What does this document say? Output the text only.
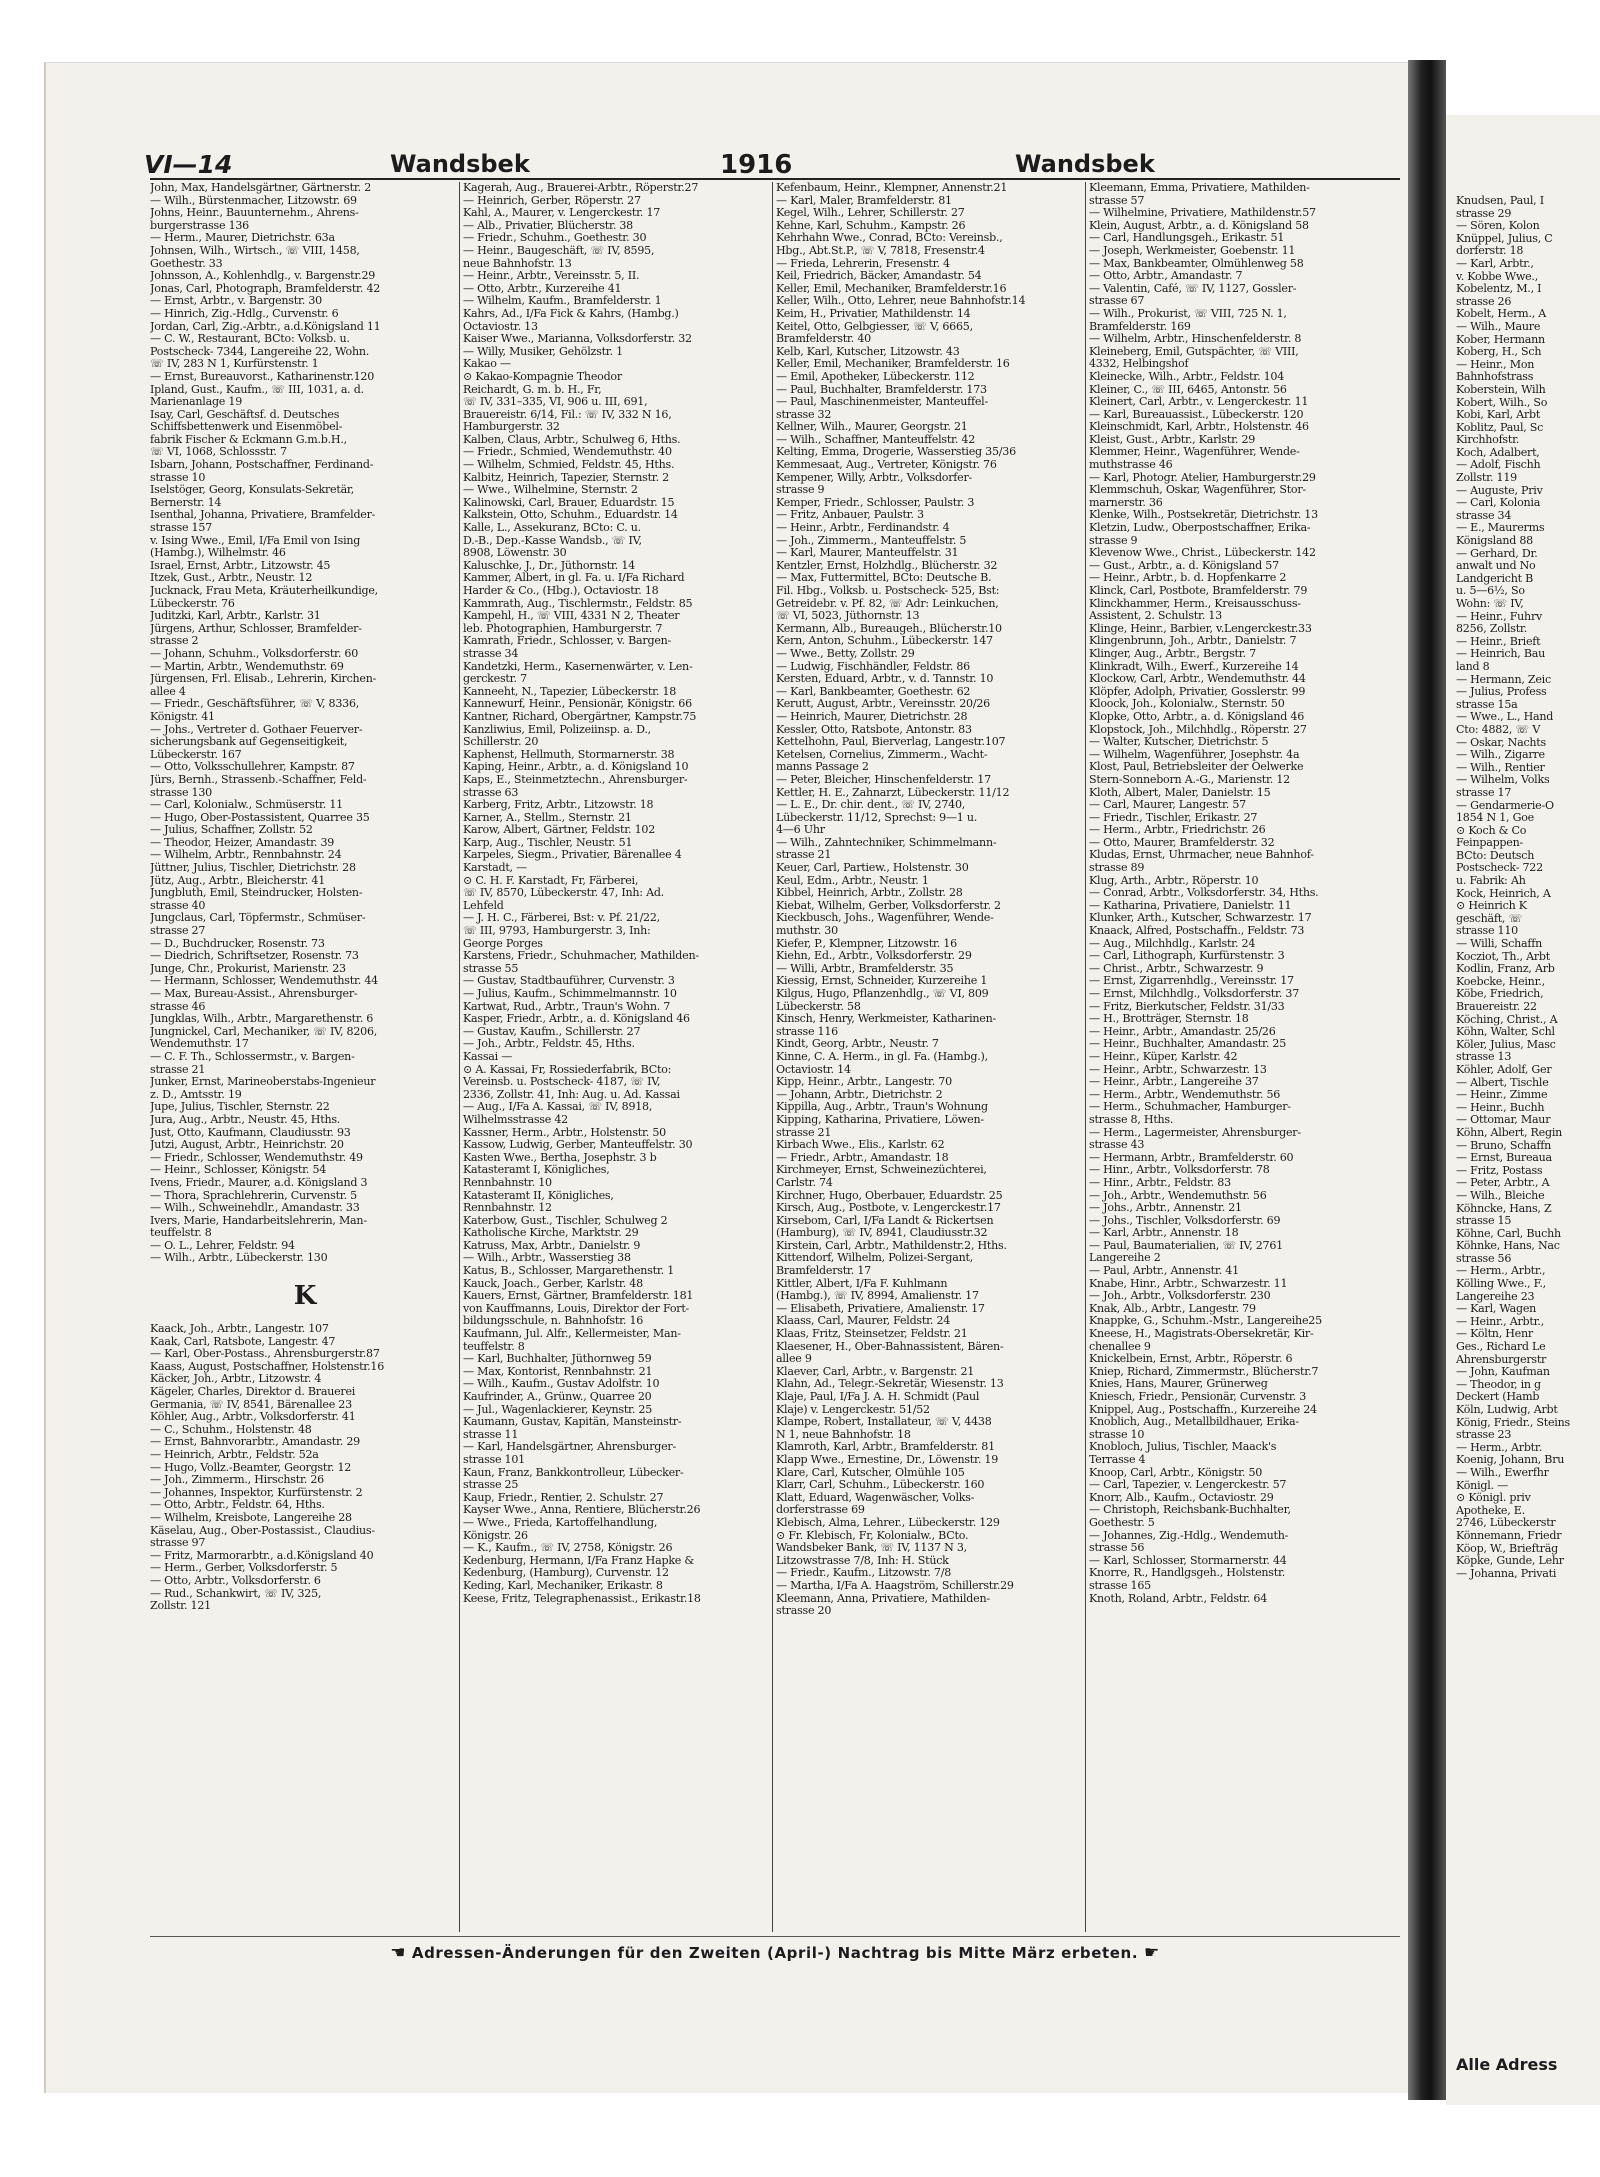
VI—14	Wandsbek	1916	Wandsbek
John, Max, Handelsgärtner, Gärtnerstr. 2
— Wilh., Bürstenmacher, Litzowstr. 69
Johns, Heinr., Bauunternehm., Ahrens-
burgerstrasse 136
— Herm., Maurer, Dietrichstr. 63a
Johnsen, Wilh., Wirtsch., ☏ VIII, 1458,
Goethestr. 33
Johnsson, A., Kohlenhdlg., v. Bargenstr.29
Jonas, Carl, Photograph, Bramfelderstr. 42
— Ernst, Arbtr., v. Bargenstr. 30
— Hinrich, Zig.-Hdlg., Curvenstr. 6
Jordan, Carl, Zig.-Arbtr., a.d.Königsland 11
— C. W., Restaurant, BCto: Volksb. u.
Postscheck- 7344, Langereihe 22, Wohn.
☏ IV, 283 N 1, Kurfürstenstr. 1
— Ernst, Bureauvorst., Katharinenstr.120
Ipland, Gust., Kaufm., ☏ III, 1031, a. d.
Marienanlage 19
Isay, Carl, Geschäftsf. d. Deutsches
Schiffsbettenwerk und Eisenmöbel-
fabrik Fischer & Eckmann G.m.b.H.,
☏ VI, 1068, Schlossstr. 7
Isbarn, Johann, Postschaffner, Ferdinand-
strasse 10
Iselstöger, Georg, Konsulats-Sekretär,
Bernerstr. 14
Isenthal, Johanna, Privatiere, Bramfelder-
strasse 157
v. Ising Wwe., Emil, I/Fa Emil von Ising
(Hambg.), Wilhelmstr. 46
Israel, Ernst, Arbtr., Litzowstr. 45
Itzek, Gust., Arbtr., Neustr. 12
Jucknack, Frau Meta, Kräuterheilkundige,
Lübeckerstr. 76
Juditzki, Karl, Arbtr., Karlstr. 31
Jürgens, Arthur, Schlosser, Bramfelder-
strasse 2
— Johann, Schuhm., Volksdorferstr. 60
— Martin, Arbtr., Wendemuthstr. 69
Jürgensen, Frl. Elisab., Lehrerin, Kirchen-
allee 4
— Friedr., Geschäftsführer, ☏ V, 8336,
Königstr. 41
— Johs., Vertreter d. Gothaer Feuerver-
sicherungsbank auf Gegenseitigkeit,
Lübeckerstr. 167
— Otto, Volksschullehrer, Kampstr. 87
Jürs, Bernh., Strassenb.-Schaffner, Feld-
strasse 130
— Carl, Kolonialw., Schmüserstr. 11
— Hugo, Ober-Postassistent, Quarree 35
— Julius, Schaffner, Zollstr. 52
— Theodor, Heizer, Amandastr. 39
— Wilhelm, Arbtr., Rennbahnstr. 24
Jüttner, Julius, Tischler, Dietrichstr. 28
Jütz, Aug., Arbtr., Bleicherstr. 41
Jungbluth, Emil, Steindrucker, Holsten-
strasse 40
Jungclaus, Carl, Töpfermstr., Schmüser-
strasse 27
— D., Buchdrucker, Rosenstr. 73
— Diedrich, Schriftsetzer, Rosenstr. 73
Junge, Chr., Prokurist, Marienstr. 23
— Hermann, Schlosser, Wendemuthstr. 44
— Max, Bureau-Assist., Ahrensburger-
strasse 46
Jungklas, Wilh., Arbtr., Margarethenstr. 6
Jungnickel, Carl, Mechaniker, ☏ IV, 8206,
Wendemuthstr. 17
— C. F. Th., Schlossermstr., v. Bargen-
strasse 21
Junker, Ernst, Marineoberstabs-Ingenieur
z. D., Amtsstr. 19
Jupe, Julius, Tischler, Sternstr. 22
Jura, Aug., Arbtr., Neustr. 45, Hths.
Just, Otto, Kaufmann, Claudiusstr. 93
Jutzi, August, Arbtr., Heinrichstr. 20
— Friedr., Schlosser, Wendemuthstr. 49
— Heinr., Schlosser, Königstr. 54
Ivens, Friedr., Maurer, a.d. Königsland 3
— Thora, Sprachlehrerin, Curvenstr. 5
— Wilh., Schweinehdlr., Amandastr. 33
Ivers, Marie, Handarbeitslehrerin, Man-
teuffelstr. 8
— O. L., Lehrer, Feldstr. 94
— Wilh., Arbtr., Lübeckerstr. 130
K
Kaack, Joh., Arbtr., Langestr. 107
Kaak, Carl, Ratsbote, Langestr. 47
— Karl, Ober-Postass., Ahrensburgerstr.87
Kaass, August, Postschaffner, Holstenstr.16
Käcker, Joh., Arbtr., Litzowstr. 4
Kägeler, Charles, Direktor d. Brauerei
Germania, ☏ IV, 8541, Bärenallee 23
Köhler, Aug., Arbtr., Volksdorferstr. 41
— C., Schuhm., Holstenstr. 48
— Ernst, Bahnvorarbtr., Amandastr. 29
— Heinrich, Arbtr., Feldstr. 52a
— Hugo, Vollz.-Beamter, Georgstr. 12
— Joh., Zimmerm., Hirschstr. 26
— Johannes, Inspektor, Kurfürstenstr. 2
— Otto, Arbtr., Feldstr. 64, Hths.
— Wilhelm, Kreisbote, Langereihe 28
Käselau, Aug., Ober-Postassist., Claudius-
strasse 97
— Fritz, Marmorarbtr., a.d.Königsland 40
— Herm., Gerber, Volksdorferstr. 5
— Otto, Arbtr., Volksdorferstr. 6
— Rud., Schankwirt, ☏ IV, 325,
Zollstr. 121
Kagerah, Aug., Brauerei-Arbtr., Röperstr.27
— Heinrich, Gerber, Röperstr. 27
Kahl, A., Maurer, v. Lengerckestr. 17
— Alb., Privatier, Blücherstr. 38
— Friedr., Schuhm., Goethestr. 30
— Heinr., Baugeschäft, ☏ IV, 8595,
neue Bahnhofstr. 13
— Heinr., Arbtr., Vereinsstr. 5, II.
— Otto, Arbtr., Kurzereihe 41
— Wilhelm, Kaufm., Bramfelderstr. 1
Kahrs, Ad., I/Fa Fick & Kahrs, (Hambg.)
Octaviostr. 13
Kaiser Wwe., Marianna, Volksdorferstr. 32
— Willy, Musiker, Gehölzstr. 1
Kakao —
⊙ Kakao-Kompagnie Theodor
Reichardt, G. m. b. H., Fr,
☏ IV, 331–335, VI, 906 u. III, 691,
Brauereistr. 6/14, Fil.: ☏ IV, 332 N 16,
Hamburgerstr. 32
Kalben, Claus, Arbtr., Schulweg 6, Hths.
— Friedr., Schmied, Wendemuthstr. 40
— Wilhelm, Schmied, Feldstr. 45, Hths.
Kalbitz, Heinrich, Tapezier, Sternstr. 2
— Wwe., Wilhelmine, Sternstr. 2
Kalinowski, Carl, Brauer, Eduardstr. 15
Kalkstein, Otto, Schuhm., Eduardstr. 14
Kalle, L., Assekuranz, BCto: C. u.
D.-B., Dep.-Kasse Wandsb., ☏ IV,
8908, Löwenstr. 30
Kaluschke, J., Dr., Jüthornstr. 14
Kammer, Albert, in gl. Fa. u. I/Fa Richard
Harder & Co., (Hbg.), Octaviostr. 18
Kammrath, Aug., Tischlermstr., Feldstr. 85
Kampehl, H., ☏ VIII, 4331 N 2, Theater
leb. Photographien, Hamburgerstr. 7
Kamrath, Friedr., Schlosser, v. Bargen-
strasse 34
Kandetzki, Herm., Kasernenwärter, v. Len-
gerckestr. 7
Kanneeht, N., Tapezier, Lübeckerstr. 18
Kannewurf, Heinr., Pensionär, Königstr. 66
Kantner, Richard, Obergärtner, Kampstr.75
Kanzliwius, Emil, Polizeiinsp. a. D.,
Schillerstr. 20
Kaphenst, Hellmuth, Stormarnerstr. 38
Kaping, Heinr., Arbtr., a. d. Königsland 10
Kaps, E., Steinmetztechn., Ahrensburger-
strasse 63
Karberg, Fritz, Arbtr., Litzowstr. 18
Karner, A., Stellm., Sternstr. 21
Karow, Albert, Gärtner, Feldstr. 102
Karp, Aug., Tischler, Neustr. 51
Karpeles, Siegm., Privatier, Bärenallee 4
Karstadt, —
⊙ C. H. F. Karstadt, Fr, Färberei,
☏ IV, 8570, Lübeckerstr. 47, Inh: Ad.
Lehfeld
— J. H. C., Färberei, Bst: v. Pf. 21/22,
☏ III, 9793, Hamburgerstr. 3, Inh:
George Porges
Karstens, Friedr., Schuhmacher, Mathilden-
strasse 55
— Gustav, Stadtbauführer, Curvenstr. 3
— Julius, Kaufm., Schimmelmannstr. 10
Kartwat, Rud., Arbtr., Traun's Wohn. 7
Kasper, Friedr., Arbtr., a. d. Königsland 46
— Gustav, Kaufm., Schillerstr. 27
— Joh., Arbtr., Feldstr. 45, Hths.
Kassai —
⊙ A. Kassai, Fr, Rossiederfabrik, BCto:
Vereinsb. u. Postscheck- 4187, ☏ IV,
2336, Zollstr. 41, Inh: Aug. u. Ad. Kassai
— Aug., I/Fa A. Kassai, ☏ IV, 8918,
Wilhelmsstrasse 42
Kassner, Herm., Arbtr., Holstenstr. 50
Kassow, Ludwig, Gerber, Manteuffelstr. 30
Kasten Wwe., Bertha, Josephstr. 3 b
Katasteramt I, Königliches,
Rennbahnstr. 10
Katasteramt II, Königliches,
Rennbahnstr. 12
Katerbow, Gust., Tischler, Schulweg 2
Katholische Kirche, Marktstr. 29
Katruss, Max, Arbtr., Danielstr. 9
— Wilh., Arbtr., Wasserstieg 38
Katus, B., Schlosser, Margarethenstr. 1
Kauck, Joach., Gerber, Karlstr. 48
Kauers, Ernst, Gärtner, Bramfelderstr. 181
von Kauffmanns, Louis, Direktor der Fort-
bildungsschule, n. Bahnhofstr. 16
Kaufmann, Jul. Alfr., Kellermeister, Man-
teuffelstr. 8
— Karl, Buchhalter, Jüthornweg 59
— Max, Kontorist, Rennbahnstr. 21
— Wilh., Kaufm., Gustav Adolfstr. 10
Kaufrinder, A., Grünw., Quarree 20
— Jul., Wagenlackierer, Keynstr. 25
Kaumann, Gustav, Kapitän, Mansteinstr-
strasse 11
— Karl, Handelsgärtner, Ahrensburger-
strasse 101
Kaun, Franz, Bankkontrolleur, Lübecker-
strasse 25
Kaup, Friedr., Rentier, 2. Schulstr. 27
Kayser Wwe., Anna, Rentiere, Blücherstr.26
— Wwe., Frieda, Kartoffelhandlung,
Königstr. 26
— K., Kaufm., ☏ IV, 2758, Königstr. 26
Kedenburg, Hermann, I/Fa Franz Hapke &
Kedenburg, (Hamburg), Curvenstr. 12
Keding, Karl, Mechaniker, Erikastr. 8
Keese, Fritz, Telegraphenassist., Erikastr.18
Kefenbaum, Heinr., Klempner, Annenstr.21
— Karl, Maler, Bramfelderstr. 81
Kegel, Wilh., Lehrer, Schillerstr. 27
Kehne, Karl, Schuhm., Kampstr. 26
Kehrhahn Wwe., Conrad, BCto: Vereinsb.,
Hbg., Abt.St.P., ☏ V, 7818, Fresenstr.4
— Frieda, Lehrerin, Fresenstr. 4
Keil, Friedrich, Bäcker, Amandastr. 54
Keller, Emil, Mechaniker, Bramfelderstr.16
Keller, Wilh., Otto, Lehrer, neue Bahnhofstr.14
Keim, H., Privatier, Mathildenstr. 14
Keitel, Otto, Gelbgiesser, ☏ V, 6665,
Bramfelderstr. 40
Kelb, Karl, Kutscher, Litzowstr. 43
Keller, Emil, Mechaniker, Bramfelderstr. 16
— Emil, Apotheker, Lübeckerstr. 112
— Paul, Buchhalter, Bramfelderstr. 173
— Paul, Maschinenmeister, Manteuffel-
strasse 32
Kellner, Wilh., Maurer, Georgstr. 21
— Wilh., Schaffner, Manteuffelstr. 42
Kelting, Emma, Drogerie, Wasserstieg 35/36
Kemmesaat, Aug., Vertreter, Königstr. 76
Kempener, Willy, Arbtr., Volksdorfer-
strasse 9
Kemper, Friedr., Schlosser, Paulstr. 3
— Fritz, Anbauer, Paulstr. 3
— Heinr., Arbtr., Ferdinandstr. 4
— Joh., Zimmerm., Manteuffelstr. 5
— Karl, Maurer, Manteuffelstr. 31
Kentzler, Ernst, Holzhdlg., Blücherstr. 32
— Max, Futtermittel, BCto: Deutsche B.
Fil. Hbg., Volksb. u. Postscheck- 525, Bst:
Getreidebr. v. Pf. 82, ☏ Adr: Leinkuchen,
☏ VI, 5023, Jüthornstr. 13
Kermann, Alb., Bureaugeh., Blücherstr.10
Kern, Anton, Schuhm., Lübeckerstr. 147
— Wwe., Betty, Zollstr. 29
— Ludwig, Fischhändler, Feldstr. 86
Kersten, Eduard, Arbtr., v. d. Tannstr. 10
— Karl, Bankbeamter, Goethestr. 62
Kerutt, August, Arbtr., Vereinsstr. 20/26
— Heinrich, Maurer, Dietrichstr. 28
Kessler, Otto, Ratsbote, Antonstr. 83
Kettelhohn, Paul, Bierverlag, Langestr.107
Ketelsen, Cornelius, Zimmerm., Wacht-
manns Passage 2
— Peter, Bleicher, Hinschenfelderstr. 17
Kettler, H. E., Zahnarzt, Lübeckerstr. 11/12
— L. E., Dr. chir. dent., ☏ IV, 2740,
Lübeckerstr. 11/12, Sprechst: 9—1 u.
4—6 Uhr
— Wilh., Zahntechniker, Schimmelmann-
strasse 21
Keuer, Carl, Partiew., Holstenstr. 30
Keul, Edm., Arbtr., Neustr. 1
Kibbel, Heinrich, Arbtr., Zollstr. 28
Kiebat, Wilhelm, Gerber, Volksdorferstr. 2
Kieckbusch, Johs., Wagenführer, Wende-
muthstr. 30
Kiefer, P., Klempner, Litzowstr. 16
Kiehn, Ed., Arbtr., Volksdorferstr. 29
— Willi, Arbtr., Bramfelderstr. 35
Kiessig, Ernst, Schneider, Kurzereihe 1
Kilgus, Hugo, Pflanzenhdlg., ☏ VI, 809
Lübeckerstr. 58
Kinsch, Henry, Werkmeister, Katharinen-
strasse 116
Kindt, Georg, Arbtr., Neustr. 7
Kinne, C. A. Herm., in gl. Fa. (Hambg.),
Octaviostr. 14
Kipp, Heinr., Arbtr., Langestr. 70
— Johann, Arbtr., Dietrichstr. 2
Kippilla, Aug., Arbtr., Traun's Wohnung
Kipping, Katharina, Privatiere, Löwen-
strasse 21
Kirbach Wwe., Elis., Karlstr. 62
— Friedr., Arbtr., Amandastr. 18
Kirchmeyer, Ernst, Schweinezüchterei,
Carlstr. 74
Kirchner, Hugo, Oberbauer, Eduardstr. 25
Kirsch, Aug., Postbote, v. Lengerckestr.17
Kirsebom, Carl, I/Fa Landt & Rickertsen
(Hamburg), ☏ IV, 8941, Claudiusstr.32
Kirstein, Carl, Arbtr., Mathildenstr.2, Hths.
Kittendorf, Wilhelm, Polizei-Sergant,
Bramfelderstr. 17
Kittler, Albert, I/Fa F. Kuhlmann
(Hambg.), ☏ IV, 8994, Amalienstr. 17
— Elisabeth, Privatiere, Amalienstr. 17
Klaass, Carl, Maurer, Feldstr. 24
Klaas, Fritz, Steinsetzer, Feldstr. 21
Klaesener, H., Ober-Bahnassistent, Bären-
allee 9
Klaever, Carl, Arbtr., v. Bargenstr. 21
Klahn, Ad., Telegr.-Sekretär, Wiesenstr. 13
Klaje, Paul, I/Fa J. A. H. Schmidt (Paul
Klaje) v. Lengerckestr. 51/52
Klampe, Robert, Installateur, ☏ V, 4438
N 1, neue Bahnhofstr. 18
Klamroth, Karl, Arbtr., Bramfelderstr. 81
Klapp Wwe., Ernestine, Dr., Löwenstr. 19
Klare, Carl, Kutscher, Ölmühle 105
Klarr, Carl, Schuhm., Lübeckerstr. 160
Klatt, Eduard, Wagenwäscher, Volks-
dorferstrasse 69
Klebisch, Alma, Lehrer., Lübeckerstr. 129
⊙ Fr. Klebisch, Fr, Kolonialw., BCto.
Wandsbeker Bank, ☏ IV, 1137 N 3,
Litzowstrasse 7/8, Inh: H. Stück
— Friedr., Kaufm., Litzowstr. 7/8
— Martha, I/Fa A. Haagström, Schillerstr.29
Kleemann, Anna, Privatiere, Mathilden-
strasse 20
Kleemann, Emma, Privatiere, Mathilden-
strasse 57
— Wilhelmine, Privatiere, Mathildenstr.57
Klein, August, Arbtr., a. d. Königsland 58
— Carl, Handlungsgeh., Erikastr. 51
— Joseph, Werkmeister, Goebenstr. 11
— Max, Bankbeamter, Ölmühlenweg 58
— Otto, Arbtr., Amandastr. 7
— Valentin, Café, ☏ IV, 1127, Gossler-
strasse 67
— Wilh., Prokurist, ☏ VIII, 725 N. 1,
Bramfelderstr. 169
— Wilhelm, Arbtr., Hinschenfelderstr. 8
Kleineberg, Emil, Gutspächter, ☏ VIII,
4332, Helbingshof
Kleinecke, Wilh., Arbtr., Feldstr. 104
Kleiner, C., ☏ III, 6465, Antonstr. 56
Kleinert, Carl, Arbtr., v. Lengerckestr. 11
— Karl, Bureauassist., Lübeckerstr. 120
Kleinschmidt, Karl, Arbtr., Holstenstr. 46
Kleist, Gust., Arbtr., Karlstr. 29
Klemmer, Heinr., Wagenführer, Wende-
muthstrasse 46
— Karl, Photogr. Atelier, Hamburgerstr.29
Klemmschuh, Oskar, Wagenführer, Stor-
marnerstr. 36
Klenke, Wilh., Postsekretär, Dietrichstr. 13
Kletzin, Ludw., Oberpostschaffner, Erika-
strasse 9
Klevenow Wwe., Christ., Lübeckerstr. 142
— Gust., Arbtr., a. d. Königsland 57
— Heinr., Arbtr., b. d. Hopfenkarre 2
Klinck, Carl, Postbote, Bramfelderstr. 79
Klinckhammer, Herm., Kreisausschuss-
Assistent, 2. Schulstr. 13
Klinge, Heinr., Barbier, v.Lengerckestr.33
Klingenbrunn, Joh., Arbtr., Danielstr. 7
Klinger, Aug., Arbtr., Bergstr. 7
Klinkradt, Wilh., Ewerf., Kurzereihe 14
Klockow, Carl, Arbtr., Wendemuthstr. 44
Klöpfer, Adolph, Privatier, Gosslerstr. 99
Kloock, Joh., Kolonialw., Sternstr. 50
Klopke, Otto, Arbtr., a. d. Königsland 46
Klopstock, Joh., Milchhdlg., Röperstr. 27
— Walter, Kutscher, Dietrichstr. 5
— Wilhelm, Wagenführer, Josephstr. 4a
Klost, Paul, Betriebsleiter der Oelwerke
Stern-Sonneborn A.-G., Marienstr. 12
Kloth, Albert, Maler, Danielstr. 15
— Carl, Maurer, Langestr. 57
— Friedr., Tischler, Erikastr. 27
— Herm., Arbtr., Friedrichstr. 26
— Otto, Maurer, Bramfelderstr. 32
Kludas, Ernst, Uhrmacher, neue Bahnhof-
strasse 89
Klug, Arth., Arbtr., Röperstr. 10
— Conrad, Arbtr., Volksdorferstr. 34, Hths.
— Katharina, Privatiere, Danielstr. 11
Klunker, Arth., Kutscher, Schwarzestr. 17
Knaack, Alfred, Postschaffn., Feldstr. 73
— Aug., Milchhdlg., Karlstr. 24
— Carl, Lithograph, Kurfürstenstr. 3
— Christ., Arbtr., Schwarzestr. 9
— Ernst, Zigarrenhdlg., Vereinsstr. 17
— Ernst, Milchhdlg., Volksdorferstr. 37
— Fritz, Bierkutscher, Feldstr. 31/33
— H., Brotträger, Sternstr. 18
— Heinr., Arbtr., Amandastr. 25/26
— Heinr., Buchhalter, Amandastr. 25
— Heinr., Küper, Karlstr. 42
— Heinr., Arbtr., Schwarzestr. 13
— Heinr., Arbtr., Langereihe 37
— Herm., Arbtr., Wendemuthstr. 56
— Herm., Schuhmacher, Hamburger-
strasse 8, Hths.
— Herm., Lagermeister, Ahrensburger-
strasse 43
— Hermann, Arbtr., Bramfelderstr. 60
— Hinr., Arbtr., Volksdorferstr. 78
— Hinr., Arbtr., Feldstr. 83
— Joh., Arbtr., Wendemuthstr. 56
— Johs., Arbtr., Annenstr. 21
— Johs., Tischler, Volksdorferstr. 69
— Karl, Arbtr., Annenstr. 18
— Paul, Baumaterialien, ☏ IV, 2761
Langereihe 2
— Paul, Arbtr., Annenstr. 41
Knabe, Hinr., Arbtr., Schwarzestr. 11
— Joh., Arbtr., Volksdorferstr. 230
Knak, Alb., Arbtr., Langestr. 79
Knappke, G., Schuhm.-Mstr., Langereihe25
Kneese, H., Magistrats-Obersekretär, Kir-
chenallee 9
Knickelbein, Ernst, Arbtr., Röperstr. 6
Kniep, Richard, Zimmermstr., Blücherstr.7
Knies, Hans, Maurer, Grünerweg
Kniesch, Friedr., Pensionär, Curvenstr. 3
Knippel, Aug., Postschaffn., Kurzereihe 24
Knoblich, Aug., Metallbildhauer, Erika-
strasse 10
Knobloch, Julius, Tischler, Maack's
Terrasse 4
Knoop, Carl, Arbtr., Königstr. 50
— Carl, Tapezier, v. Lengerckestr. 57
Knorr, Alb., Kaufm., Octaviostr. 29
— Christoph, Reichsbank-Buchhalter,
Goethestr. 5
— Johannes, Zig.-Hdlg., Wendemuth-
strasse 56
— Karl, Schlosser, Stormarnerstr. 44
Knorre, R., Handlgsgeh., Holstenstr.
strasse 165
Knoth, Roland, Arbtr., Feldstr. 64
☚ Adressen-Änderungen für den Zweiten (April-) Nachtrag bis Mitte März erbeten. ☛
Knudsen, Paul, I
strasse 29
— Sören, Kolon
Knüppel, Julius, C
dorferstr. 18
— Karl, Arbtr.,
v. Kobbe Wwe.,
Kobelentz, M., I
strasse 26
Kobelt, Herm., A
— Wilh., Maure
Kober, Hermann
Koberg, H., Sch
— Heinr., Mon
Bahnhofstrass
Koberstein, Wilh
Kobert, Wilh., So
Kobi, Karl, Arbt
Koblitz, Paul, Sc
Kirchhofstr.
Koch, Adalbert,
— Adolf, Fischh
Zollstr. 119
— Auguste, Priv
— Carl, Kolonia
strasse 34
— E., Maurerms
Königsland 88
— Gerhard, Dr.
anwalt und No
Landgericht B
u. 5—6½, So
Wohn: ☏ IV,
— Heinr., Fuhrv
8256, Zollstr.
— Heinr., Brieft
— Heinrich, Bau
land 8
— Hermann, Zeic
— Julius, Profess
strasse 15a
— Wwe., L., Hand
Cto: 4882, ☏ V
— Oskar, Nachts
— Wilh., Zigarre
— Wilh., Rentier
— Wilhelm, Volks
strasse 17
— Gendarmerie-O
1854 N 1, Goe
⊙ Koch & Co
Feinpappen-
BCto: Deutsch
Postscheck- 722
u. Fabrik: Ah
Kock, Heinrich, A
⊙ Heinrich K
geschäft, ☏
strasse 110
— Willi, Schaffn
Kocziot, Th., Arbt
Kodlin, Franz, Arb
Koebcke, Heinr.,
Köbe, Friedrich,
Brauereistr. 22
Köching, Christ., A
Köhn, Walter, Schl
Köler, Julius, Masc
strasse 13
Köhler, Adolf, Ger
— Albert, Tischle
— Heinr., Zimme
— Heinr., Buchh
— Ottomar, Maur
Köhn, Albert, Regin
— Bruno, Schaffn
— Ernst, Bureaua
— Fritz, Postass
— Peter, Arbtr., A
— Wilh., Bleiche
Köhncke, Hans, Z
strasse 15
Köhne, Carl, Buchh
Köhnke, Hans, Nac
strasse 56
— Herm., Arbtr.,
Kölling Wwe., F.,
Langereihe 23
— Karl, Wagen
— Heinr., Arbtr.,
— Költn, Henr
Ges., Richard Le
Ahrensburgerstr
— John, Kaufman
— Theodor, in g
Deckert (Hamb
Köln, Ludwig, Arbt
König, Friedr., Steins
strasse 23
— Herm., Arbtr.
Koenig, Johann, Bru
— Wilh., Ewerfhr
Königl. —
⊙ Königl. priv
Apotheke, E.
2746, Lübeckerstr
Könnemann, Friedr
Köop, W., Briefträg
Köpke, Gunde, Lehr
— Johanna, Privati
Alle Adress
